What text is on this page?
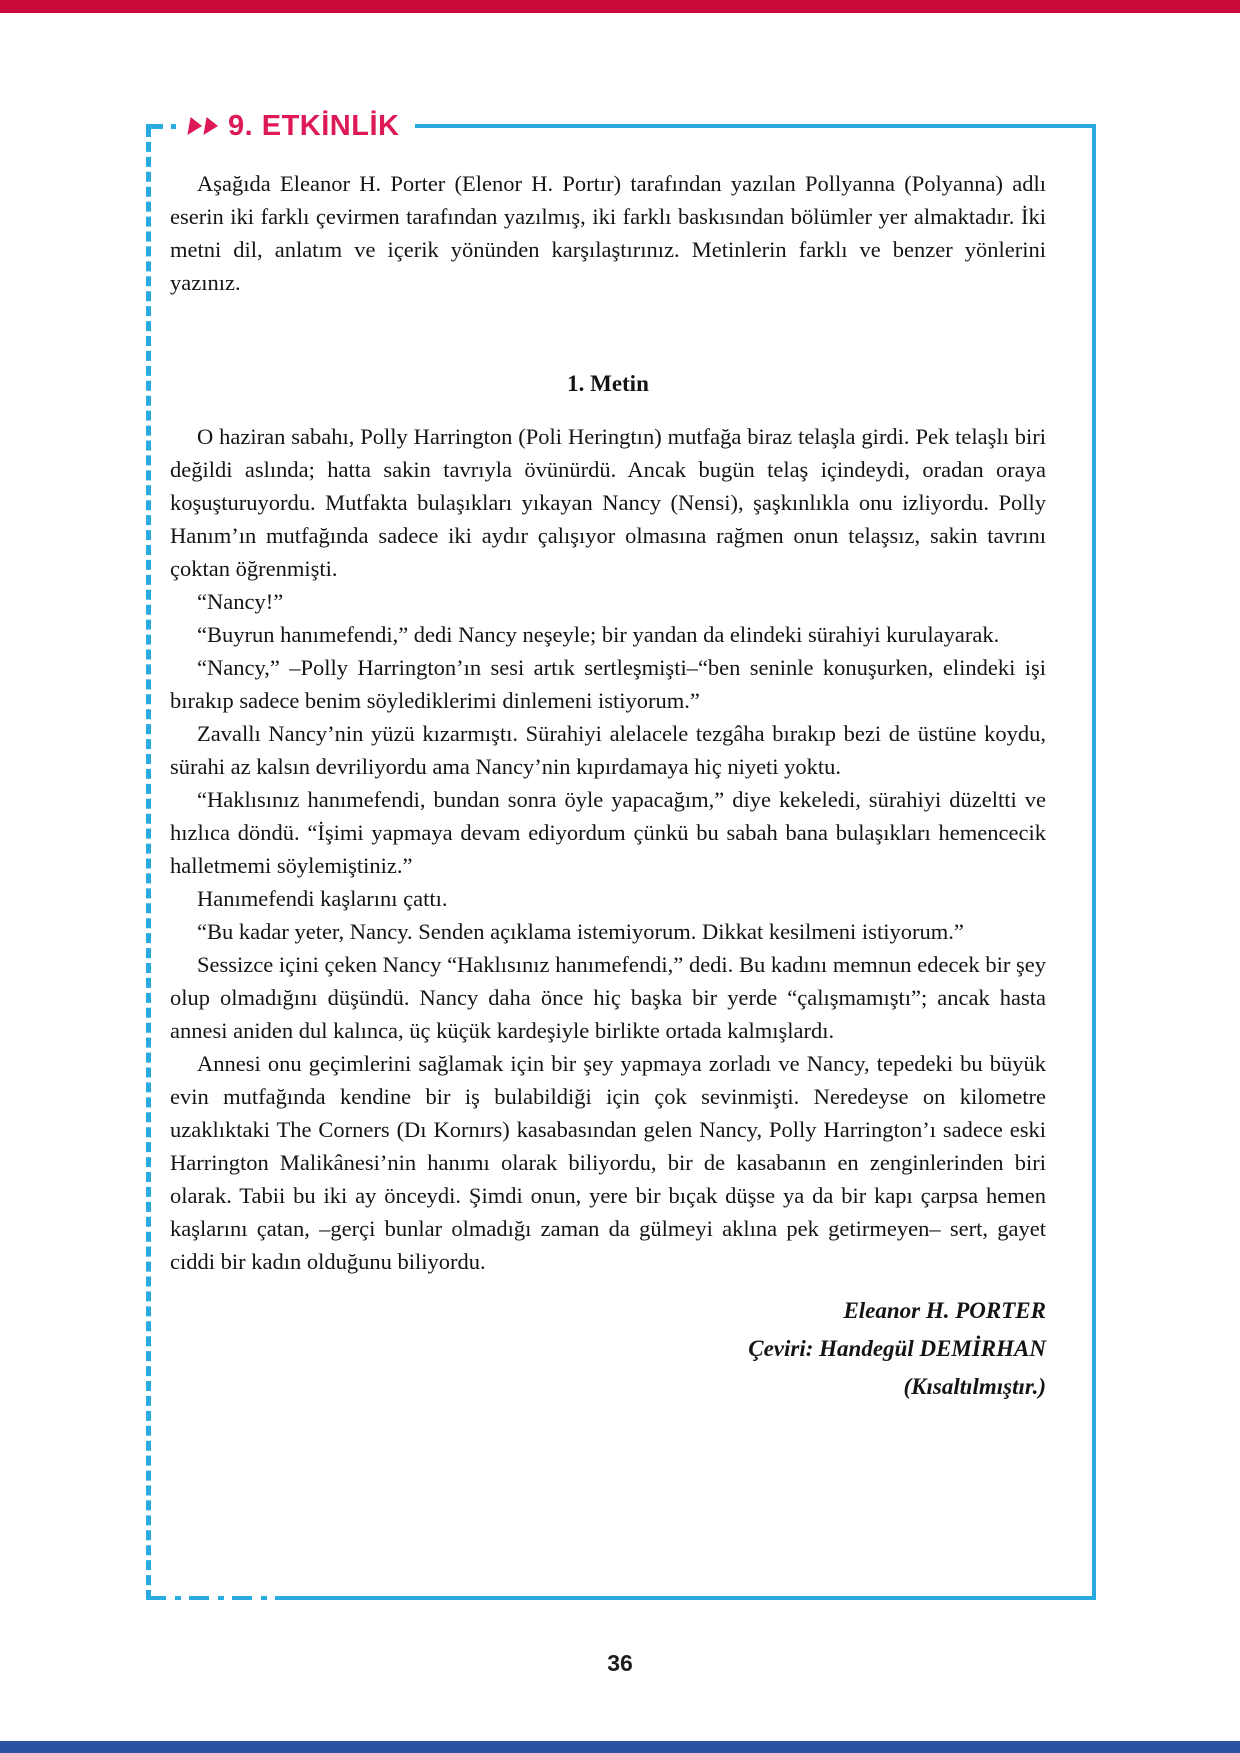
9. ETKİNLİK

Aşağıda Eleanor H. Porter (Elenor H. Portır) tarafından yazılan Pollyanna (Polyanna) adlı eserin iki farklı çevirmen tarafından yazılmış, iki farklı baskısından bölümler yer almaktadır. İki metni dil, anlatım ve içerik yönünden karşılaştırınız. Metinlerin farklı ve benzer yönlerini yazınız.

1. Metin

O haziran sabahı, Polly Harrington (Poli Heringtın) mutfağa biraz telaşla girdi. Pek telaşlı biri değildi aslında; hatta sakin tavrıyla övünürdü. Ancak bugün telaş içindeydi, oradan oraya koşuşturuyordu. Mutfakta bulaşıkları yıkayan Nancy (Nensi), şaşkınlıkla onu izliyordu. Polly Hanım’ın mutfağında sadece iki aydır çalışıyor olmasına rağmen onun telaşsız, sakin tavrını çoktan öğrenmişti.

“Nancy!”

“Buyrun hanımefendi,” dedi Nancy neşeyle; bir yandan da elindeki sürahiyi kurulayarak.

“Nancy,” –Polly Harrington’ın sesi artık sertleşmişti–“ben seninle konuşurken, elindeki işi bırakıp sadece benim söylediklerimi dinlemeni istiyorum.”

Zavallı Nancy’nin yüzü kızarmıştı. Sürahiyi alelacele tezgâha bırakıp bezi de üstüne koydu, sürahi az kalsın devriliyordu ama Nancy’nin kıpırdamaya hiç niyeti yoktu.

“Haklısınız hanımefendi, bundan sonra öyle yapacağım,” diye kekeledi, sürahiyi düzeltti ve hızlıca döndü. “İşimi yapmaya devam ediyordum çünkü bu sabah bana bulaşıkları hemencecik halletmemi söylemiştiniz.”

Hanımefendi kaşlarını çattı.

“Bu kadar yeter, Nancy. Senden açıklama istemiyorum. Dikkat kesilmeni istiyorum.”

Sessizce içini çeken Nancy “Haklısınız hanımefendi,” dedi. Bu kadını memnun edecek bir şey olup olmadığını düşündü. Nancy daha önce hiç başka bir yerde “çalışmamıştı”; ancak hasta annesi aniden dul kalınca, üç küçük kardeşiyle birlikte ortada kalmışlardı.

Annesi onu geçimlerini sağlamak için bir şey yapmaya zorladı ve Nancy, tepedeki bu büyük evin mutfağında kendine bir iş bulabildiği için çok sevinmişti. Neredeyse on kilometre uzaklıktaki The Corners (Dı Kornırs) kasabasından gelen Nancy, Polly Harrington’ı sadece eski Harrington Malikânesi’nin hanımı olarak biliyordu, bir de kasabanın en zenginlerinden biri olarak. Tabii bu iki ay önceydi. Şimdi onun, yere bir bıçak düşse ya da bir kapı çarpsa hemen kaşlarını çatan, –gerçi bunlar olmadığı zaman da gülmeyi aklına pek getirmeyen– sert, gayet ciddi bir kadın olduğunu biliyordu.

Eleanor H. PORTER
Çeviri: Handegül DEMİRHAN
(Kısaltılmıştır.)
36
